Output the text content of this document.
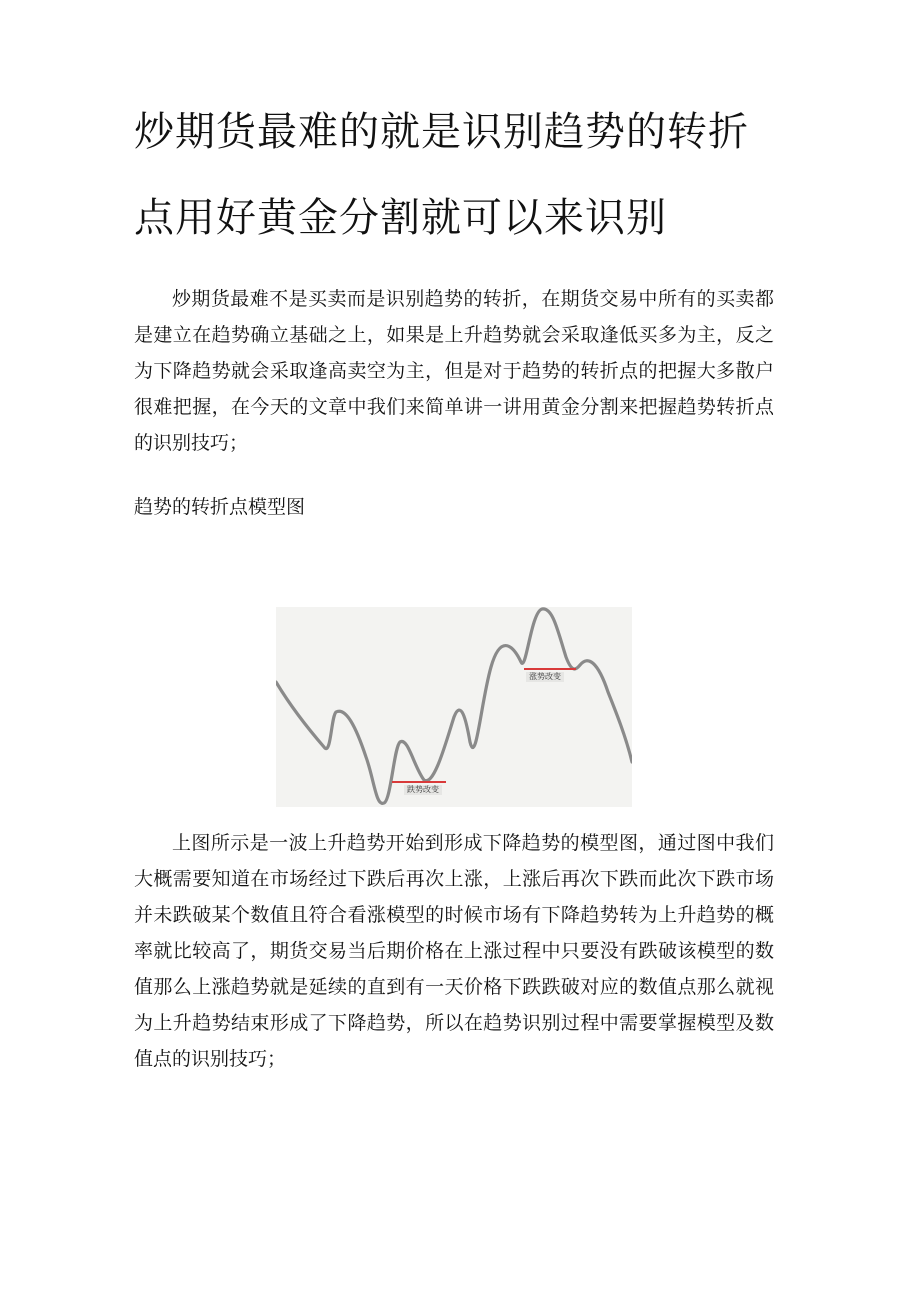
炒期货最难的就是识别趋势的转折
点用好黄金分割就可以来识别

炒期货最难不是买卖而是识别趋势的转折，在期货交易中所有的买卖都是建立在趋势确立基础之上，如果是上升趋势就会采取逢低买多为主，反之为下降趋势就会采取逢高卖空为主，但是对于趋势的转折点的把握大多散户很难把握，在今天的文章中我们来简单讲一讲用黄金分割来把握趋势转折点的识别技巧；

趋势的转折点模型图

跌势改变
涨势改变

上图所示是一波上升趋势开始到形成下降趋势的模型图，通过图中我们大概需要知道在市场经过下跌后再次上涨，上涨后再次下跌而此次下跌市场并未跌破某个数值且符合看涨模型的时候市场有下降趋势转为上升趋势的概率就比较高了，期货交易当后期价格在上涨过程中只要没有跌破该模型的数值那么上涨趋势就是延续的直到有一天价格下跌跌破对应的数值点那么就视为上升趋势结束形成了下降趋势，所以在趋势识别过程中需要掌握模型及数值点的识别技巧；
